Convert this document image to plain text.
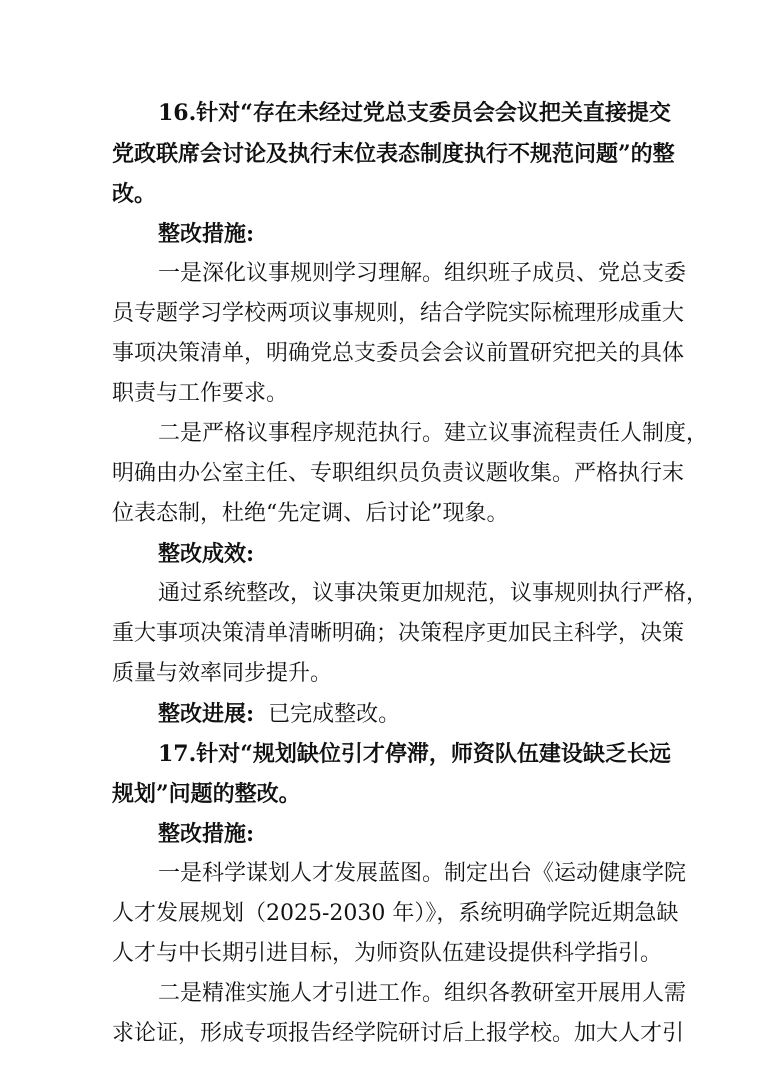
16.针对“存在未经过党总支委员会会议把关直接提交
党政联席会讨论及执行末位表态制度执行不规范问题”的整
改。
整改措施:
一是深化议事规则学习理解。组织班子成员、党总支委
员专题学习学校两项议事规则，结合学院实际梳理形成重大
事项决策清单，明确党总支委员会会议前置研究把关的具体
职责与工作要求。
二是严格议事程序规范执行。建立议事流程责任人制度，
明确由办公室主任、专职组织员负责议题收集。严格执行末
位表态制，杜绝“先定调、后讨论”现象。
整改成效:
通过系统整改，议事决策更加规范，议事规则执行严格，
重大事项决策清单清晰明确；决策程序更加民主科学，决策
质量与效率同步提升。
整改进展: 已完成整改。
17.针对“规划缺位引才停滞，师资队伍建设缺乏长远
规划”问题的整改。
整改措施:
一是科学谋划人才发展蓝图。制定出台《运动健康学院
人才发展规划（2025-2030 年）》，系统明确学院近期急缺
人才与中长期引进目标，为师资队伍建设提供科学指引。
二是精准实施人才引进工作。组织各教研室开展用人需
求论证，形成专项报告经学院研讨后上报学校。加大人才引
